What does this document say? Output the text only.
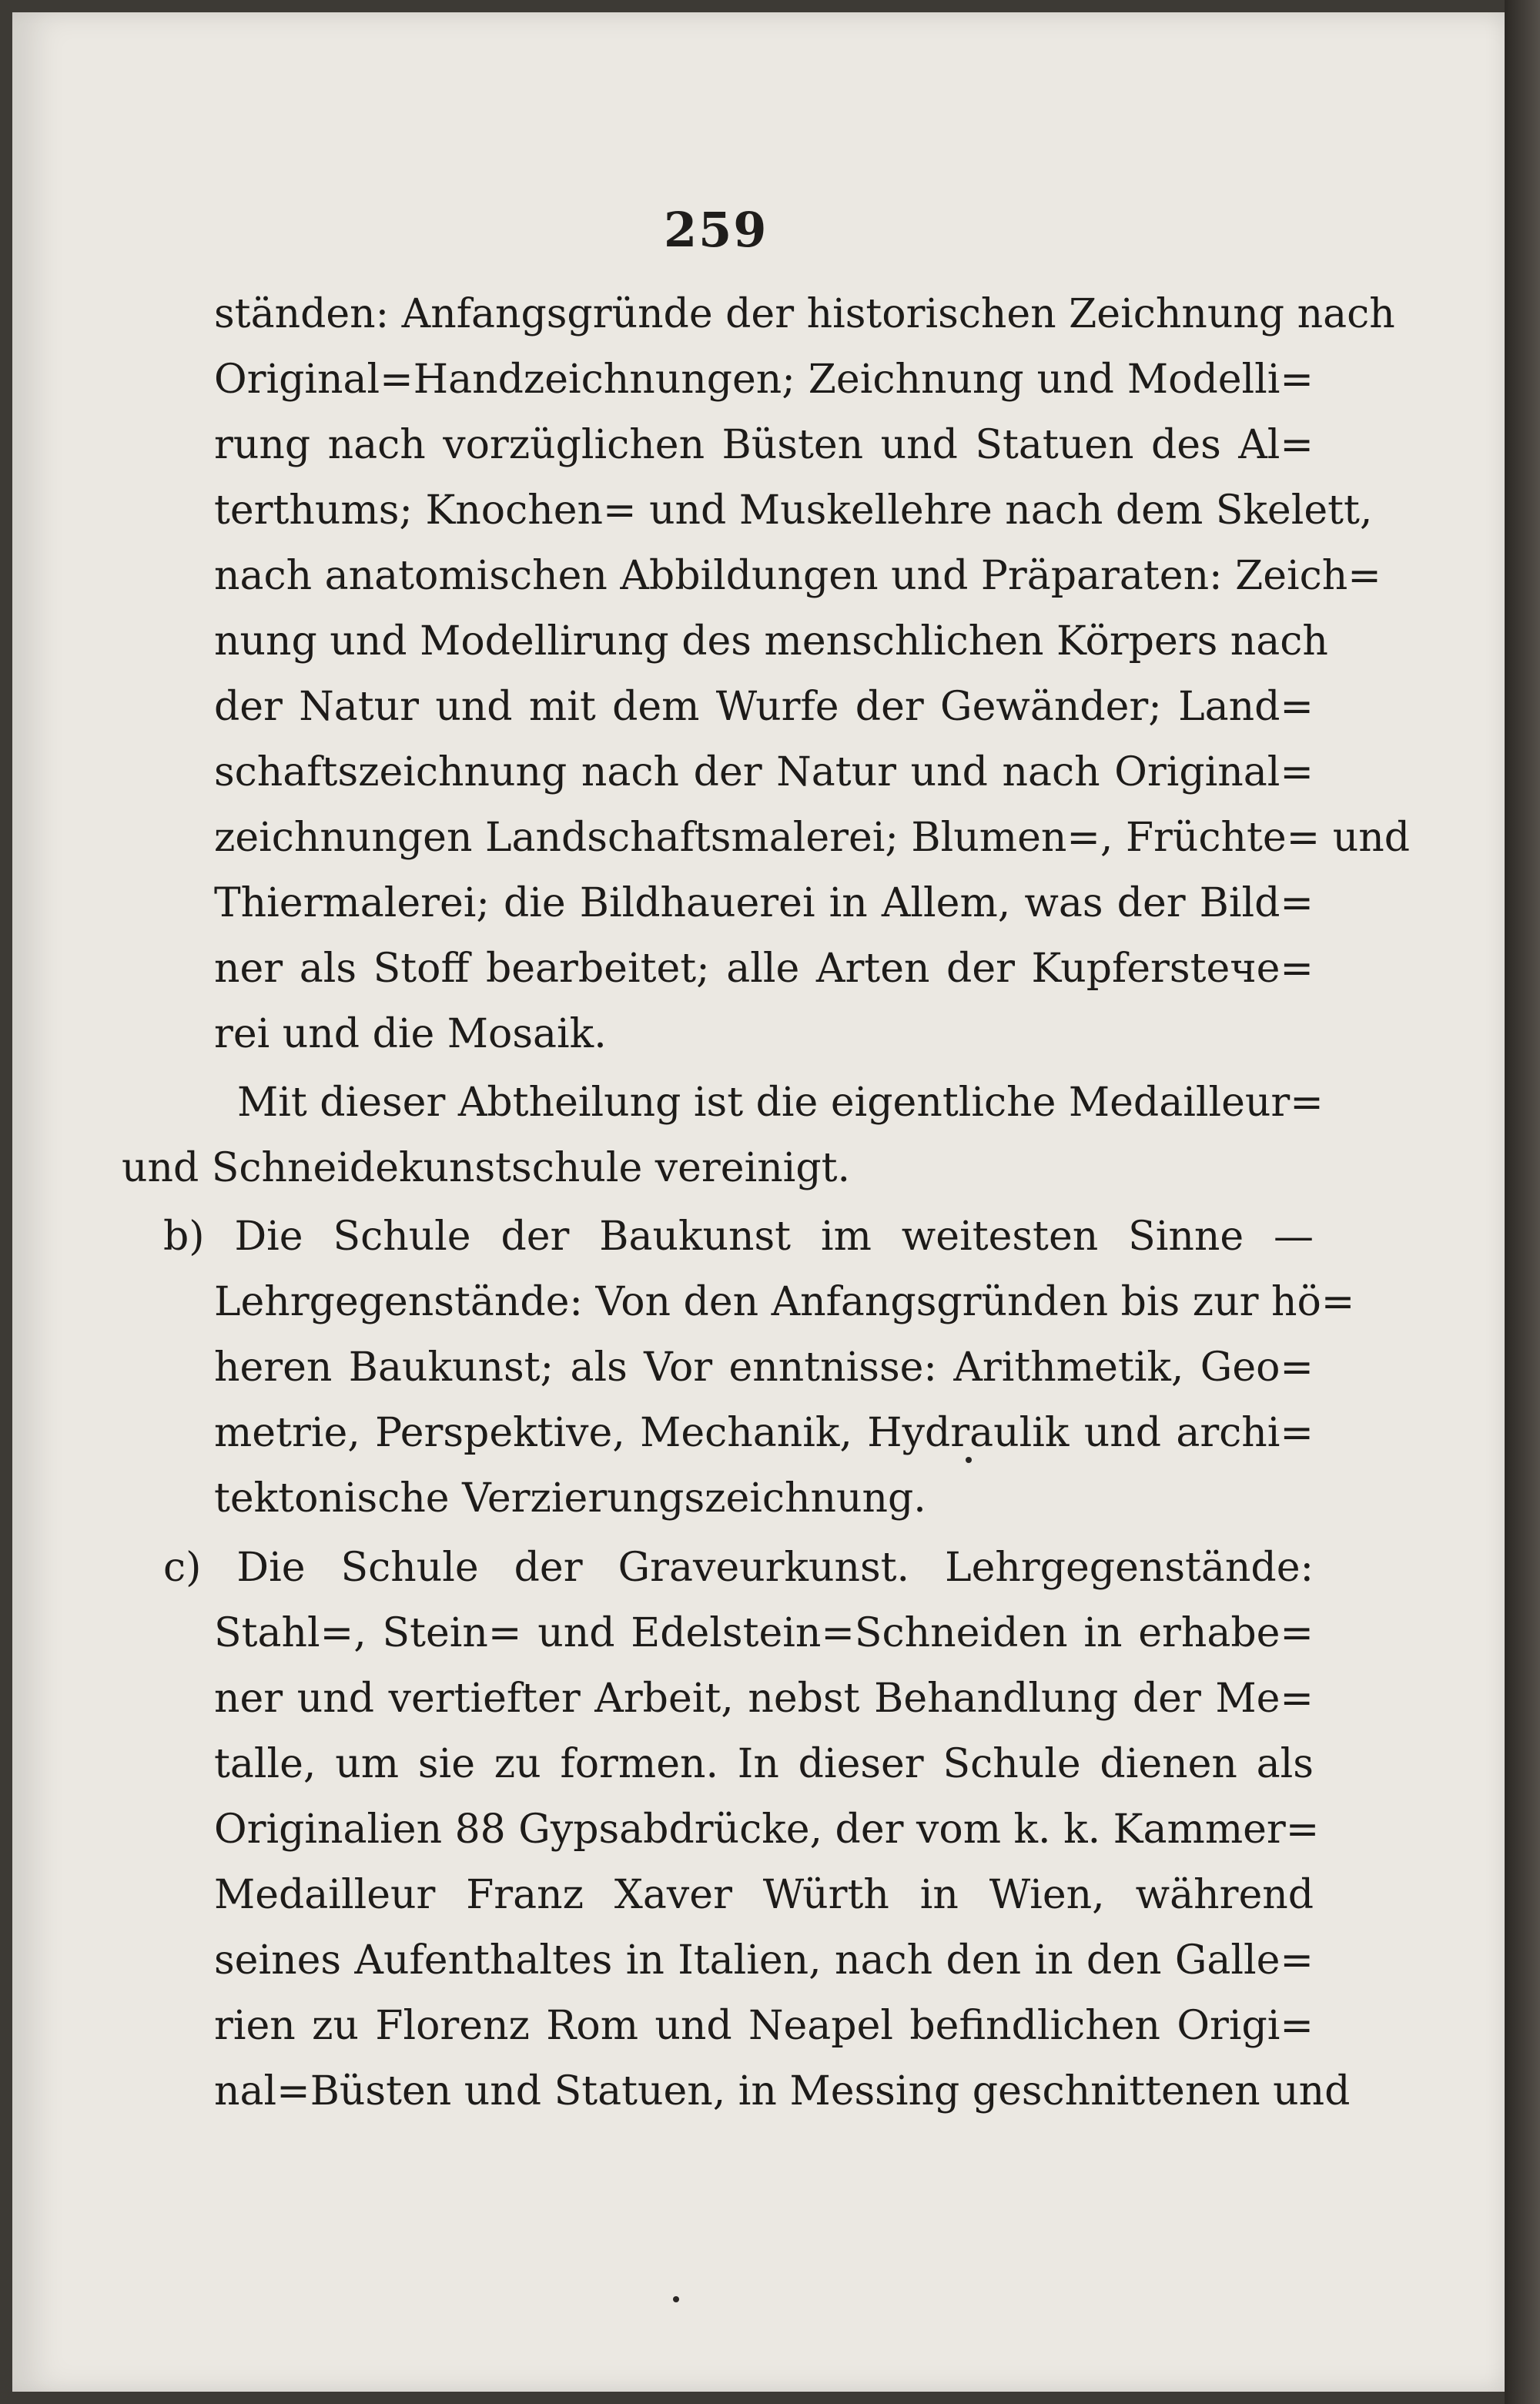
259
ständen: Anfangsgründe der historischen Zeichnung nach
Original=Handzeichnungen; Zeichnung und Modelli=
rung nach vorzüglichen Büsten und Statuen des Al=
terthums; Knochen= und Muskellehre nach dem Skelett,
nach anatomischen Abbildungen und Präparaten: Zeich=
nung und Modellirung des menschlichen Körpers nach
der Natur und mit dem Wurfe der Gewänder; Land=
schaftszeichnung nach der Natur und nach Original=
zeichnungen Landschaftsmalerei; Blumen=, Früchte= und
Thiermalerei; die Bildhauerei in Allem, was der Bild=
ner als Stoff bearbeitet; alle Arten der Kupferstече=
rei und die Mosaik.
Mit dieser Abtheilung ist die eigentliche Medailleur=
und Schneidekunstschule vereinigt.
b) Die Schule der Baukunst im weitesten Sinne —
Lehrgegenstände: Von den Anfangsgründen bis zur hö=
heren Baukunst; als Vor enntnisse: Arithmetik, Geo=
metrie, Perspektive, Mechanik, Hydraulik und archi=
tektonische Verzierungszeichnung.
c) Die Schule der Graveurkunst. Lehrgegenstände:
Stahl=, Stein= und Edelstein=Schneiden in erhabe=
ner und vertiefter Arbeit, nebst Behandlung der Me=
talle, um sie zu formen. In dieser Schule dienen als
Originalien 88 Gypsabdrücke, der vom k. k. Kammer=
Medailleur Franz Xaver Würth in Wien, während
seines Aufenthaltes in Italien, nach den in den Galle=
rien zu Florenz Rom und Neapel befindlichen Origi=
nal=Büsten und Statuen, in Messing geschnittenen und
